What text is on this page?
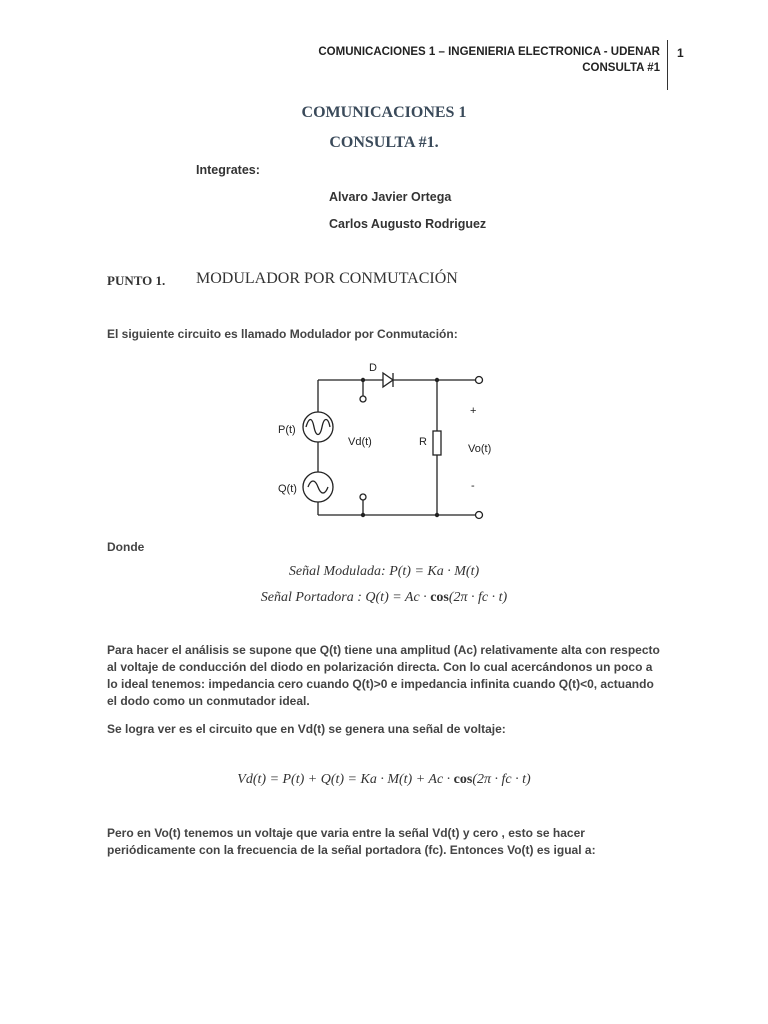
COMUNICACIONES 1 – INGENIERIA ELECTRONICA - UDENAR
CONSULTA #1
1
COMUNICACIONES 1
CONSULTA #1.
Integrates:
Alvaro Javier Ortega
Carlos Augusto Rodriguez
PUNTO 1. MODULADOR POR CONMUTACIÓN
El siguiente circuito es llamado Modulador por Conmutación:
D
P(t)
Q(t)
Vd(t)	R
Vo(t)
+
-
Donde
Señal Modulada: P(t) = Ka · M(t)
Señal Portadora : Q(t) = Ac · cos(2π · fc · t)
Para hacer el análisis se supone que Q(t) tiene una amplitud (Ac) relativamente alta con respecto al voltaje de conducción del diodo en polarización directa. Con lo cual acercándonos un poco a lo ideal tenemos: impedancia cero cuando Q(t)>0 e impedancia infinita cuando Q(t)<0, actuando el dodo como un conmutador ideal.
Se logra ver es el circuito que en Vd(t) se genera una señal de voltaje:
Vd(t) = P(t) + Q(t) = Ka · M(t) + Ac · cos(2π · fc · t)
Pero en Vo(t) tenemos un voltaje que varia entre la señal Vd(t) y cero , esto se hacer periódicamente con la frecuencia de la señal portadora (fc). Entonces Vo(t) es igual a:
